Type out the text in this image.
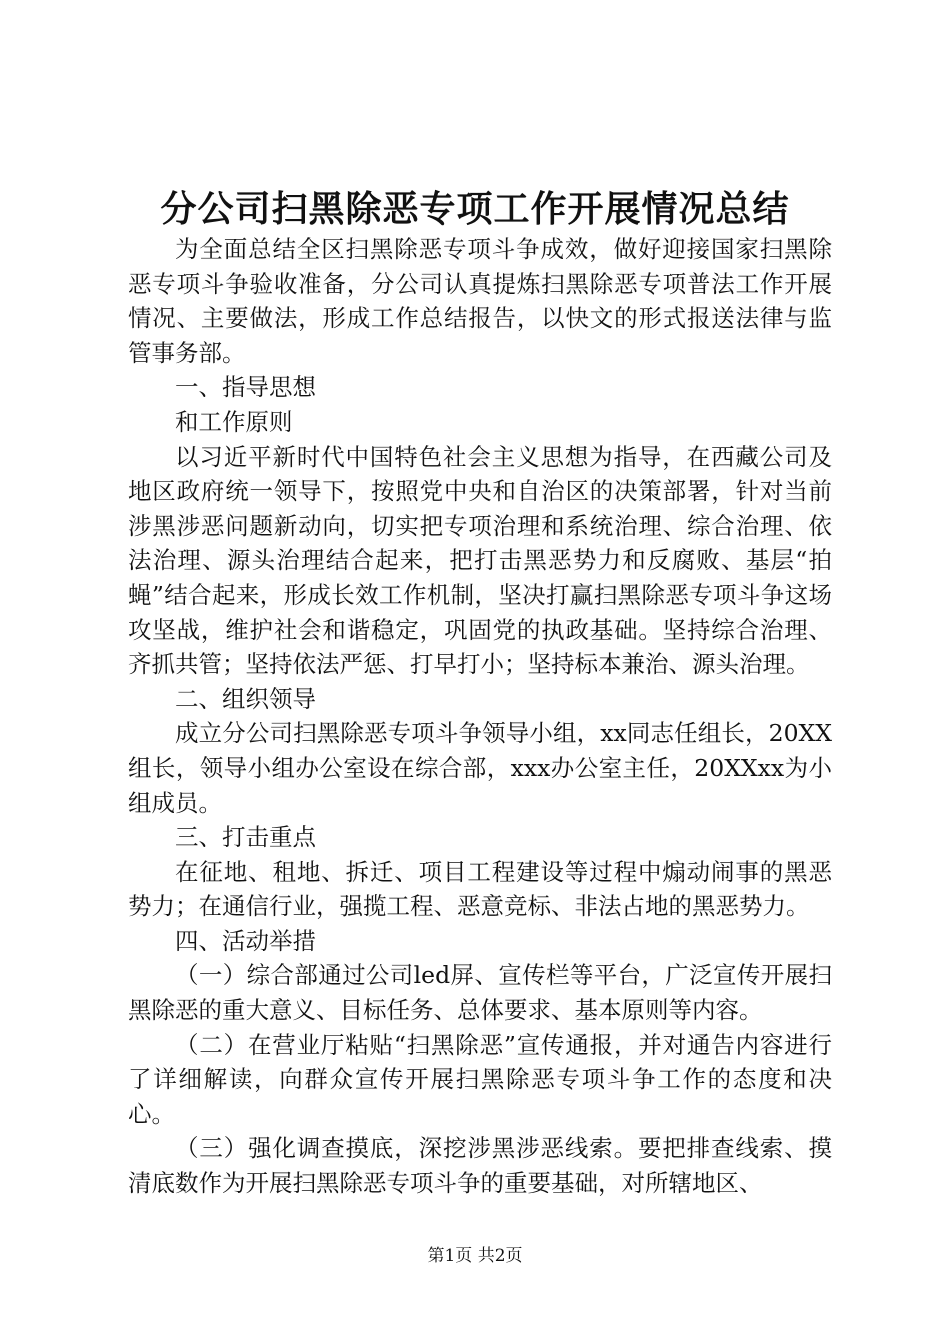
分公司扫黑除恶专项工作开展情况总结

为全面总结全区扫黑除恶专项斗争成效，做好迎接国家扫黑除恶专项斗争验收准备，分公司认真提炼扫黑除恶专项普法工作开展情况、主要做法，形成工作总结报告，以快文的形式报送法律与监管事务部。

一、指导思想

和工作原则

以习近平新时代中国特色社会主义思想为指导，在西藏公司及地区政府统一领导下，按照党中央和自治区的决策部署，针对当前涉黑涉恶问题新动向，切实把专项治理和系统治理、综合治理、依法治理、源头治理结合起来，把打击黑恶势力和反腐败、基层“拍蝇”结合起来，形成长效工作机制，坚决打赢扫黑除恶专项斗争这场攻坚战，维护社会和谐稳定，巩固党的执政基础。坚持综合治理、齐抓共管；坚持依法严惩、打早打小；坚持标本兼治、源头治理。

二、组织领导

成立分公司扫黑除恶专项斗争领导小组，xx同志任组长，20XX组长，领导小组办公室设在综合部，xxx办公室主任，20XXxx为小组成员。

三、打击重点

在征地、租地、拆迁、项目工程建设等过程中煽动闹事的黑恶势力；在通信行业，强揽工程、恶意竞标、非法占地的黑恶势力。

四、活动举措

（一）综合部通过公司led屏、宣传栏等平台，广泛宣传开展扫黑除恶的重大意义、目标任务、总体要求、基本原则等内容。

（二）在营业厅粘贴“扫黑除恶”宣传通报，并对通告内容进行了详细解读，向群众宣传开展扫黑除恶专项斗争工作的态度和决心。

（三）强化调查摸底，深挖涉黑涉恶线索。要把排查线索、摸清底数作为开展扫黑除恶专项斗争的重要基础，对所辖地区、

第1页 共2页
